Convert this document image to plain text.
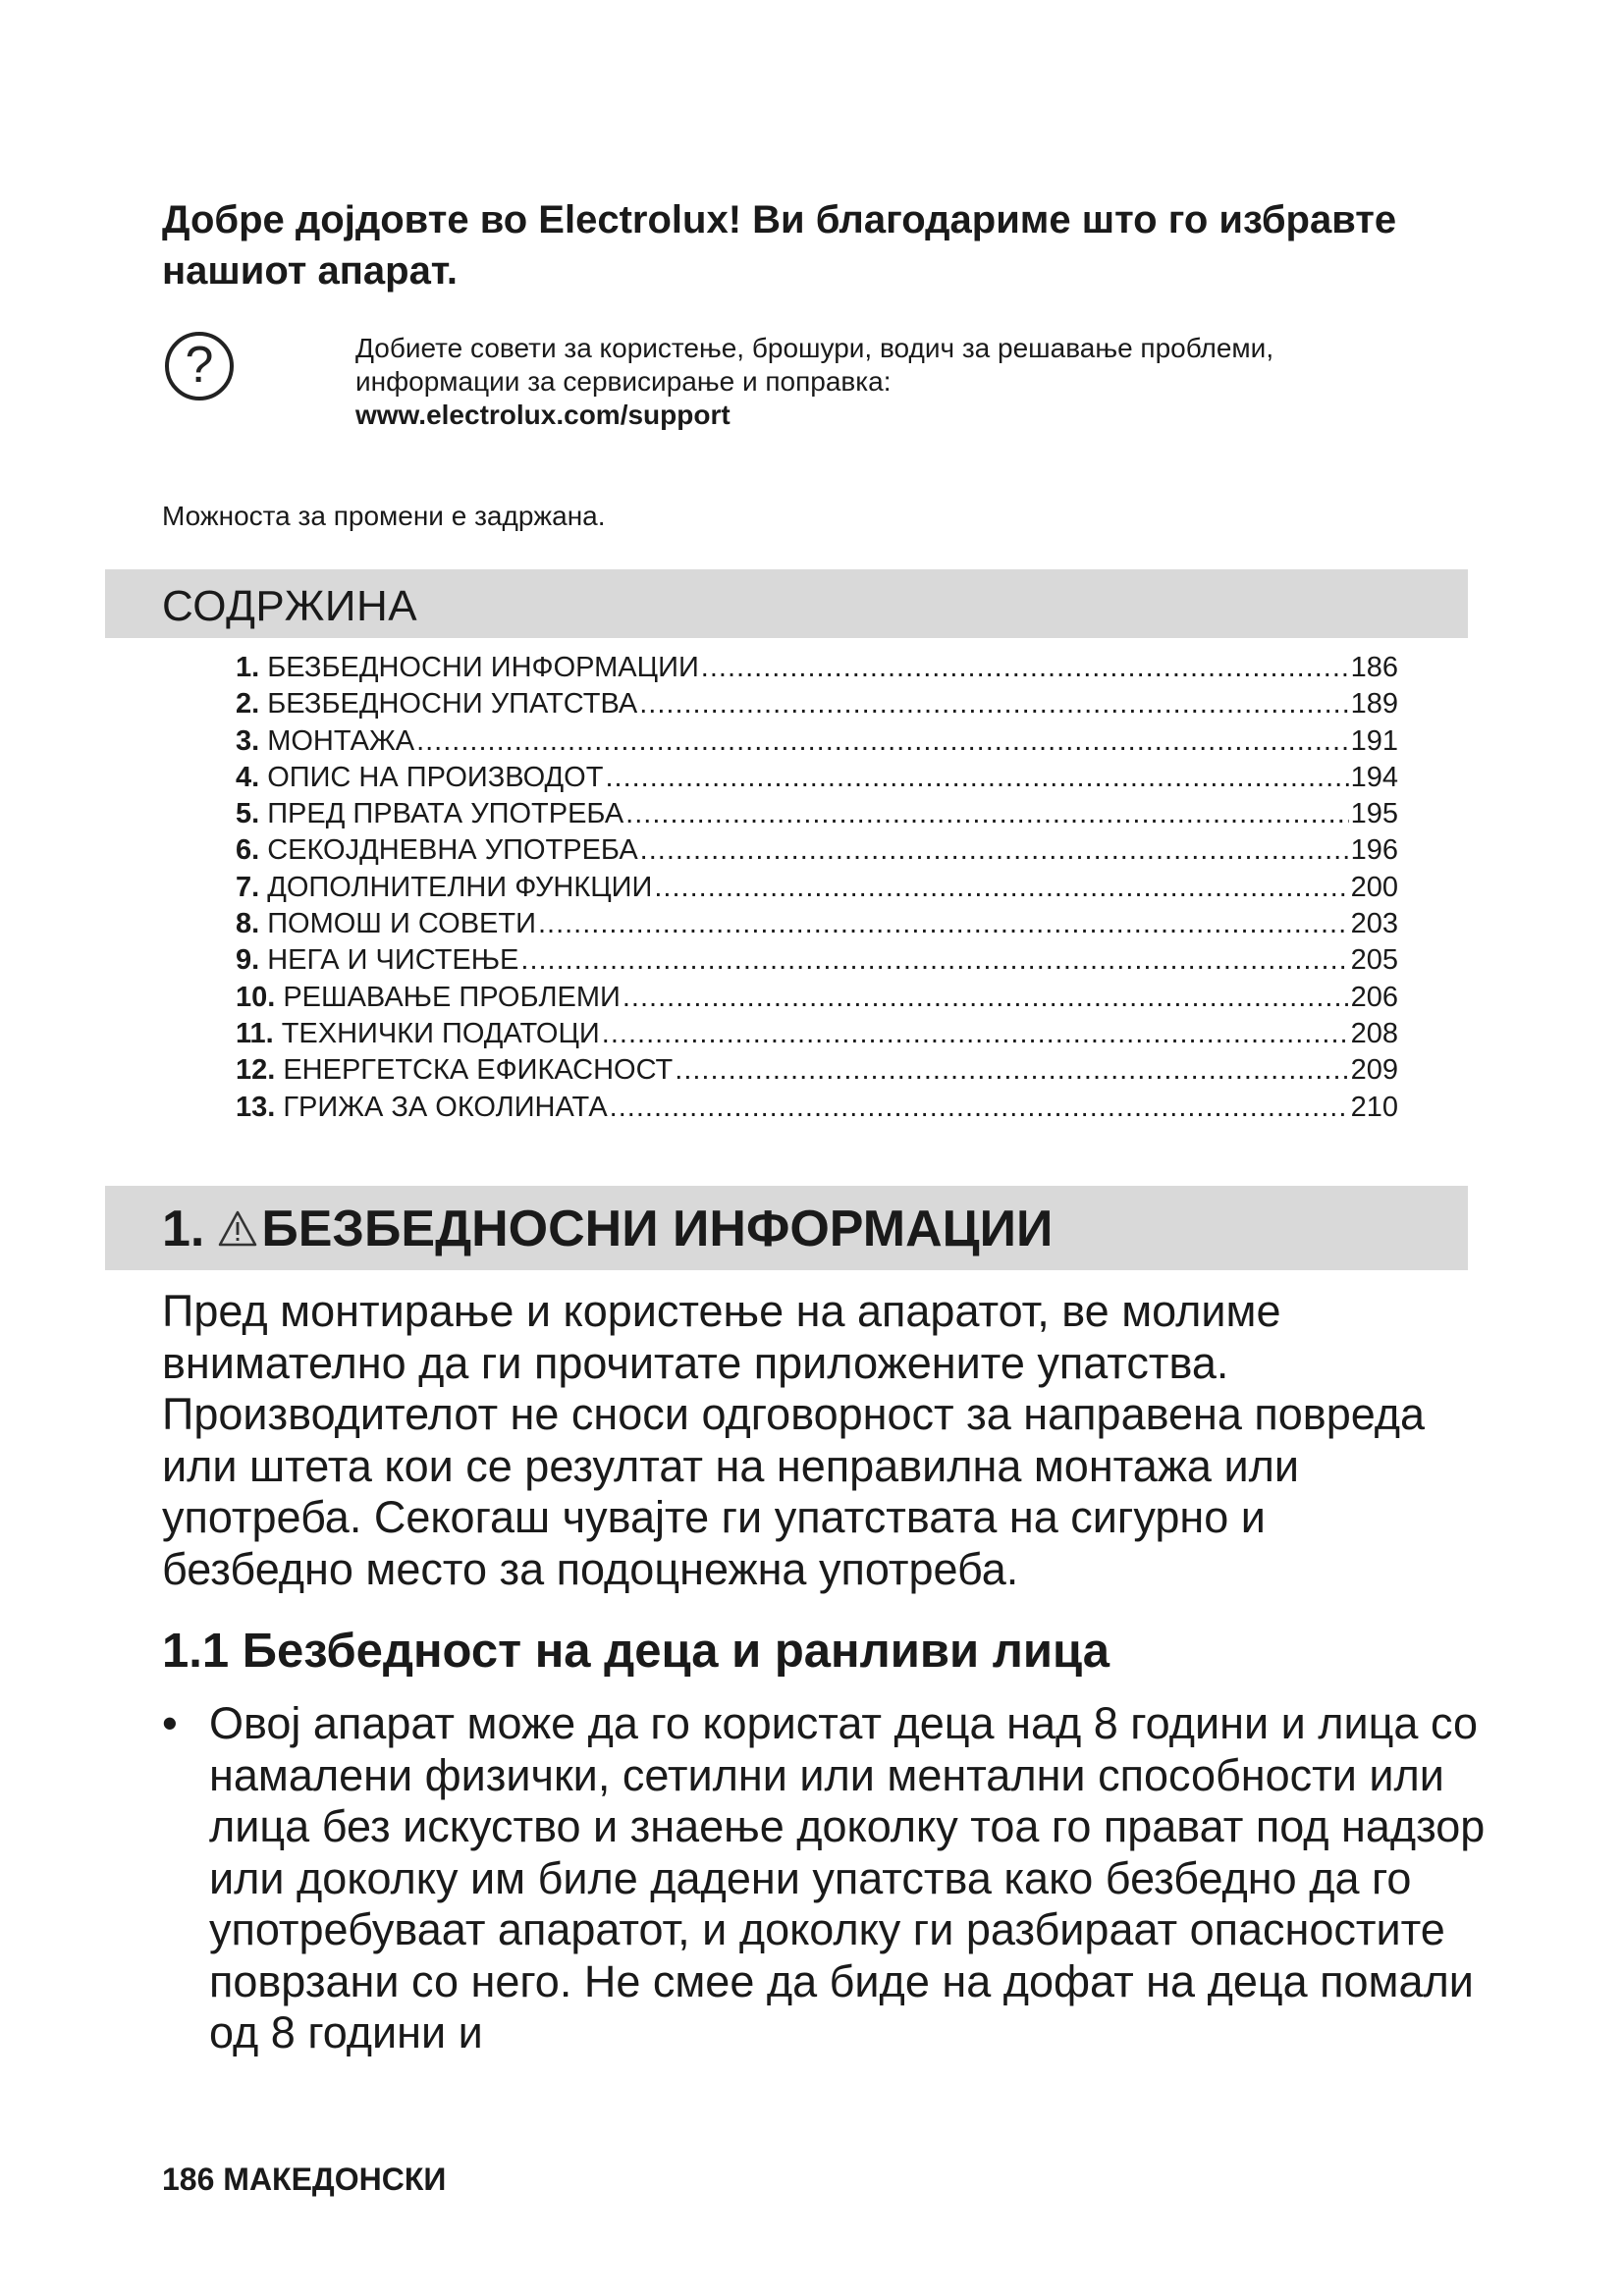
Добре дојдовте во Electrolux! Ви благодариме што го избравте нашиот апарат.
?	Добиете совети за користење, брошури, водич за решавање проблеми,
информации за сервисирање и поправка:
www.electrolux.com/support
Можноста за промени е задржана.
СОДРЖИНА
1. БЕЗБЕДНОСНИ ИНФОРМАЦИИ .....	186
2. БЕЗБЕДНОСНИ УПАТСТВА .....	189
3. МОНТАЖА .....	191
4. ОПИС НА ПРОИЗВОДОТ .....	194
5. ПРЕД ПРВАТА УПОТРЕБА .....	195
6. СЕКОЈДНЕВНА УПОТРЕБА .....	196
7. ДОПОЛНИТЕЛНИ ФУНКЦИИ .....	200
8. ПОМОШ И СОВЕТИ .....	203
9. НЕГА И ЧИСТЕЊЕ .....	205
10. РЕШАВАЊЕ ПРОБЛЕМИ .....	206
11. ТЕХНИЧКИ ПОДАТОЦИ .....	208
12. ЕНЕРГЕТСКА ЕФИКАСНОСТ .....	209
13. ГРИЖА ЗА ОКОЛИНАТА .....	210
1. БЕЗБЕДНОСНИ ИНФОРМАЦИИ

Пред монтирање и користење на апаратот, ве молиме внимателно да ги прочитате приложените упатства. Производителот не сноси одговорност за направена повреда или штета кои се резултат на неправилна монтажа или употреба. Секогаш чувајте ги упатствата на сигурно и безбедно место за подоцнежна употреба.

1.1 Безбедност на деца и ранливи лица

• Овој апарат може да го користат деца над 8 години и лица со намалени физички, сетилни или ментални способности или лица без искуство и знаење доколку тоа го прават под надзор или доколку им биле дадени упатства како безбедно да го употребуваат апаратот, и доколку ги разбираат опасностите поврзани со него. Не смее да биде на дофат на деца помали од 8 години и

186 МАКЕДОНСКИ
